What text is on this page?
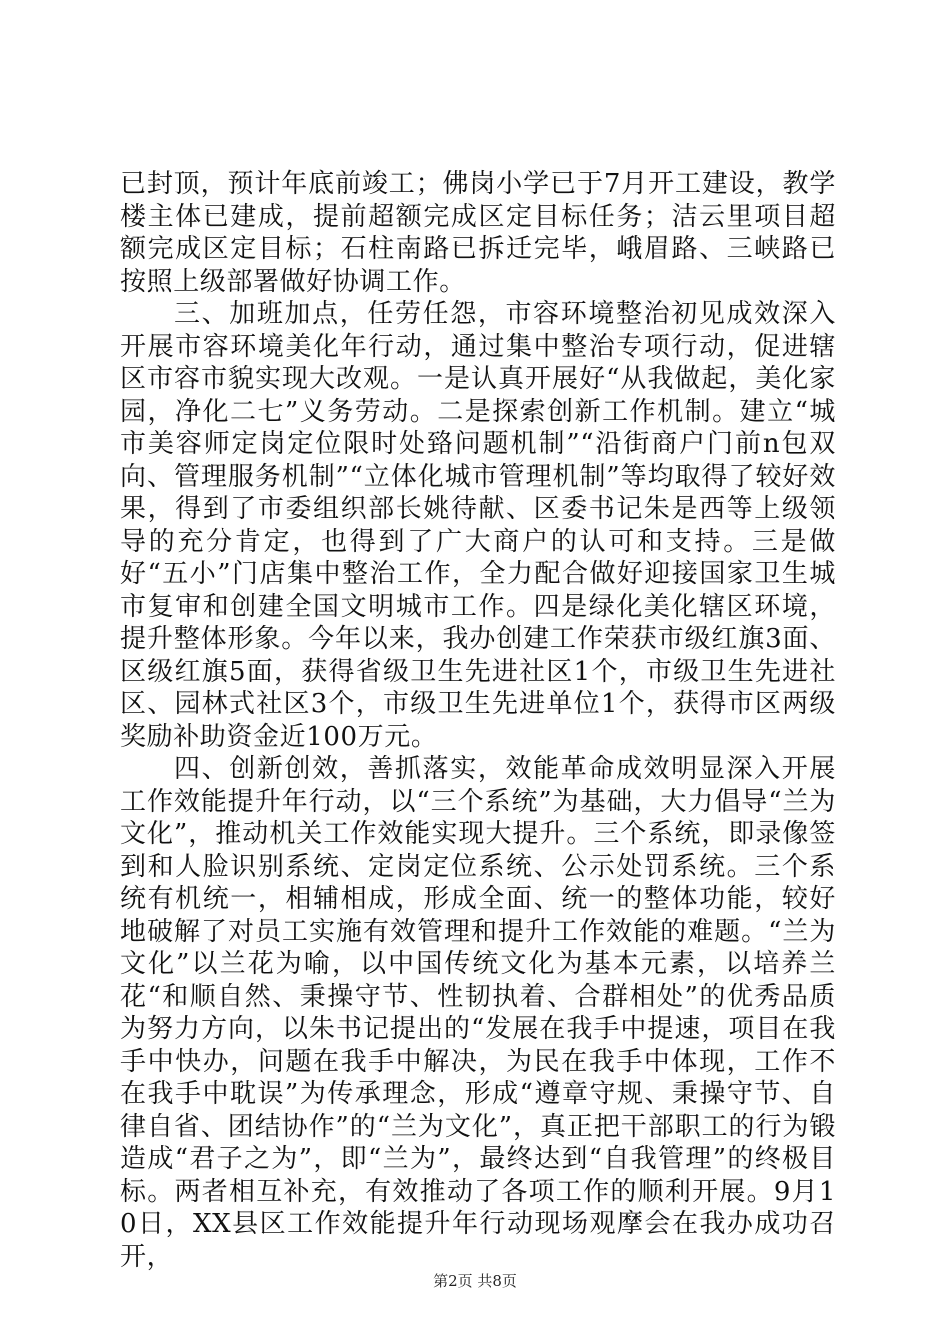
已封顶，预计年底前竣工；佛岗小学已于7月开工建设，教学楼主体已建成，提前超额完成区定目标任务；洁云里项目超额完成区定目标；石柱南路已拆迁完毕，峨眉路、三峡路已按照上级部署做好协调工作。

三、加班加点，任劳任怨，市容环境整治初见成效深入开展市容环境美化年行动，通过集中整治专项行动，促进辖区市容市貌实现大改观。一是认真开展好“从我做起，美化家园，净化二七”义务劳动。二是探索创新工作机制。建立“城市美容师定岗定位限时处臵问题机制”“沿街商户门前n包双向、管理服务机制”“立体化城市管理机制”等均取得了较好效果，得到了市委组织部长姚待献、区委书记朱是西等上级领导的充分肯定，也得到了广大商户的认可和支持。三是做好“五小”门店集中整治工作，全力配合做好迎接国家卫生城市复审和创建全国文明城市工作。四是绿化美化辖区环境，提升整体形象。今年以来，我办创建工作荣获市级红旗3面、区级红旗5面，获得省级卫生先进社区1个，市级卫生先进社区、园林式社区3个，市级卫生先进单位1个，获得市区两级奖励补助资金近100万元。

四、创新创效，善抓落实，效能革命成效明显深入开展工作效能提升年行动，以“三个系统”为基础，大力倡导“兰为文化”，推动机关工作效能实现大提升。三个系统，即录像签到和人脸识别系统、定岗定位系统、公示处罚系统。三个系统有机统一，相辅相成，形成全面、统一的整体功能，较好地破解了对员工实施有效管理和提升工作效能的难题。“兰为文化”以兰花为喻，以中国传统文化为基本元素，以培养兰花“和顺自然、秉操守节、性韧执着、合群相处”的优秀品质为努力方向，以朱书记提出的“发展在我手中提速，项目在我手中快办，问题在我手中解决，为民在我手中体现，工作不在我手中耽误”为传承理念，形成“遵章守规、秉操守节、自律自省、团结协作”的“兰为文化”，真正把干部职工的行为锻造成“君子之为”，即“兰为”，最终达到“自我管理”的终极目标。两者相互补充，有效推动了各项工作的顺利开展。9月10日，XX县区工作效能提升年行动现场观摩会在我办成功召开，

第2页 共8页
